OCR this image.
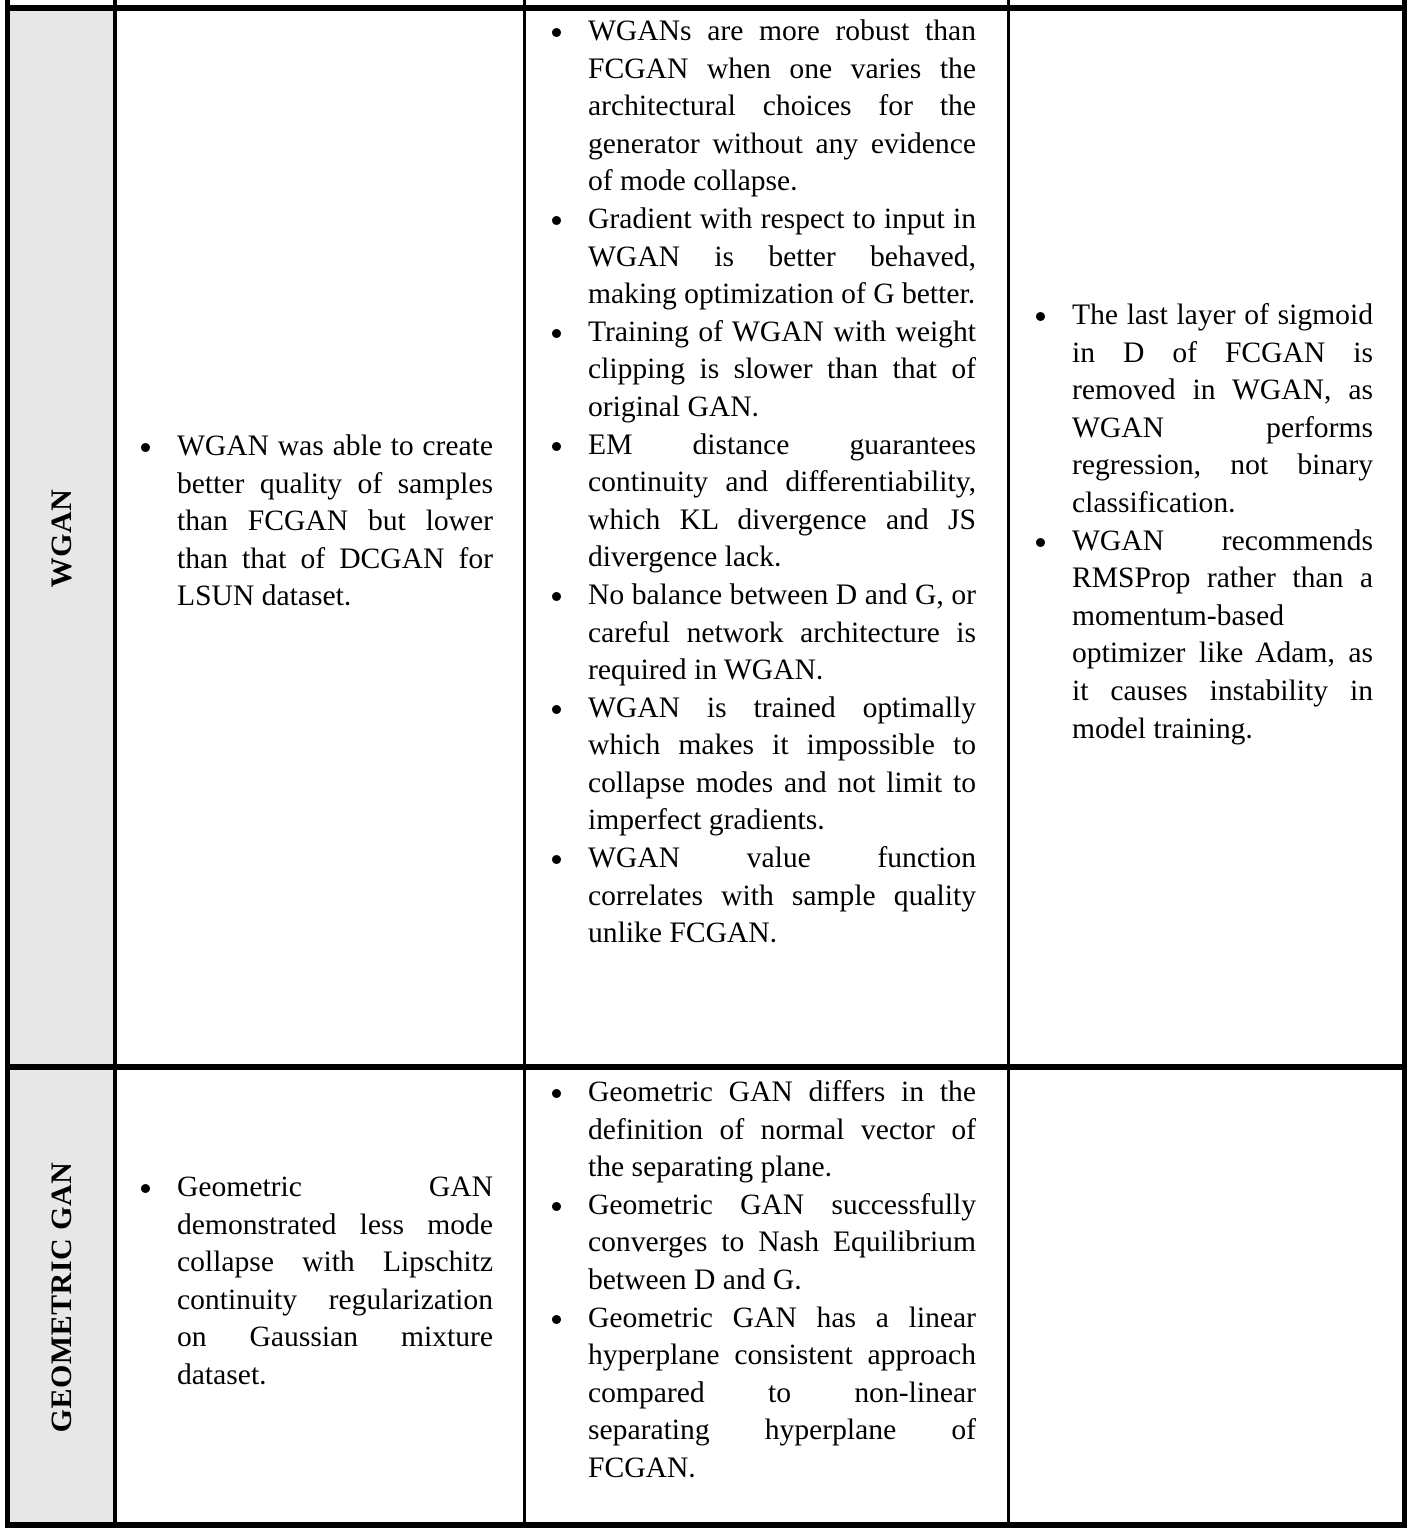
WGAN
WGAN was able to create better quality of samples than FCGAN but lower than that of DCGAN for LSUN dataset.
WGANs are more robust than FCGAN when one varies the architectural choices for the generator without any evidence of mode collapse.
Gradient with respect to input in WGAN is better behaved, making optimization of G better.
Training of WGAN with weight clipping is slower than that of original GAN.
EM distance guarantees continuity and differentiability, which KL divergence and JS divergence lack.
No balance between D and G, or careful network architecture is required in WGAN.
WGAN is trained optimally which makes it impossible to collapse modes and not limit to imperfect gradients.
WGAN value function correlates with sample quality unlike FCGAN.
The last layer of sigmoid in D of FCGAN is removed in WGAN, as WGAN performs regression, not binary classification.
WGAN recommends RMSProp rather than a momentum-based optimizer like Adam, as it causes instability in model training.
GEOMETRIC GAN	Geometric GAN demonstrated less mode collapse with Lipschitz continuity regularization on Gaussian mixture dataset.
Geometric GAN differs in the definition of normal vector of the separating plane.
Geometric GAN successfully converges to Nash Equilibrium between D and G.
Geometric GAN has a linear hyperplane consistent approach compared to non-linear separating hyperplane of FCGAN.
